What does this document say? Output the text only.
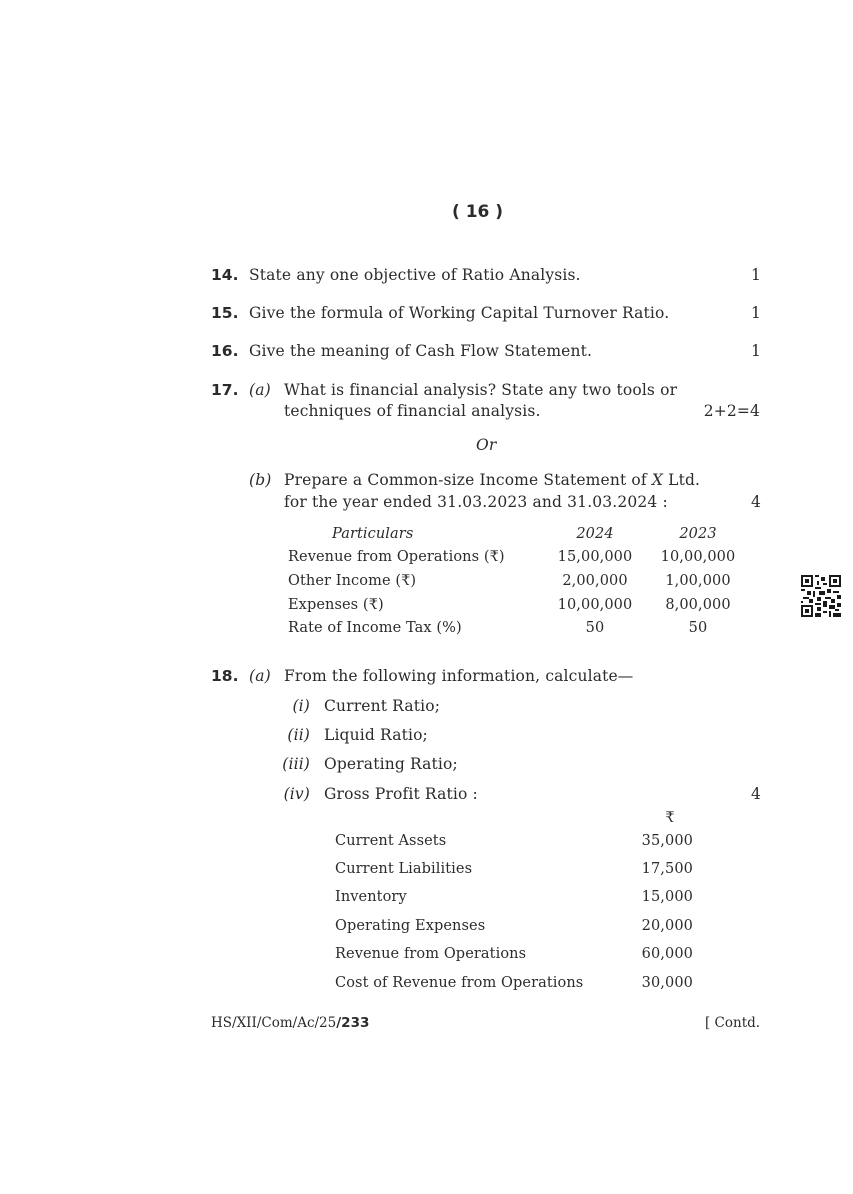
( 16 )
14. State any one objective of Ratio Analysis.	1
15. Give the formula of Working Capital Turnover Ratio.	1
16. Give the meaning of Cash Flow Statement.	1
17. (a) What is financial analysis? State any two tools or
techniques of financial analysis.	2+2=4
Or
(b) Prepare a Common-size Income Statement of X Ltd.
for the year ended 31.03.2023 and 31.03.2024 :	4
Particulars	2024	2023
Revenue from Operations (₹)	15,00,000	10,00,000
Other Income (₹)	2,00,000	1,00,000
Expenses (₹)	10,00,000	8,00,000
Rate of Income Tax (%)	50	50
18. (a) From the following information, calculate—
(i) Current Ratio;
(ii) Liquid Ratio;
(iii) Operating Ratio;
(iv) Gross Profit Ratio :	4
₹
Current Assets	35,000
Current Liabilities	17,500
Inventory	15,000
Operating Expenses	20,000
Revenue from Operations	60,000
Cost of Revenue from Operations	30,000
HS/XII/Com/Ac/25/233	[ Contd.
